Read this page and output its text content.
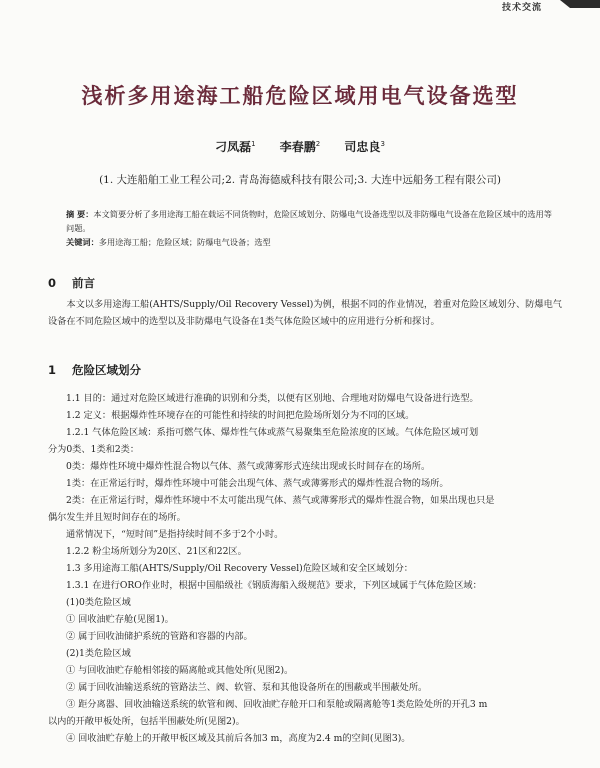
技术交流
浅析多用途海工船危险区域用电气设备选型
刁凤磊$^1$ 李春鹏$^2$ 司忠良$^3$
(1. 大连船舶工业工程公司;2. 青岛海德威科技有限公司;3. 大连中远船务工程有限公司)
摘 要：本文简要分析了多用途海工船在载运不同货物时，危险区域划分、防爆电气设备选型以及非防爆电气设备在危险区域中的选用等问题。
关键词：多用途海工船；危险区域；防爆电气设备；选型
0 前言
本文以多用途海工船(AHTS/Supply/Oil Recovery Vessel)为例，根据不同的作业情况，着重对危险区域划分、防爆电气设备在不同危险区域中的选型以及非防爆电气设备在1类气体危险区域中的应用进行分析和探讨。
1 危险区域划分
1.1 目的：通过对危险区域进行准确的识别和分类，以便有区别地、合理地对防爆电气设备进行选型。
1.2 定义：根据爆炸性环境存在的可能性和持续的时间把危险场所划分为不同的区域。
1.2.1 气体危险区域：系指可燃气体、爆炸性气体或蒸气易聚集至危险浓度的区域。气体危险区域可划
分为0类、1类和2类：
0类：爆炸性环境中爆炸性混合物以气体、蒸气或薄雾形式连续出现或长时间存在的场所。
1类：在正常运行时，爆炸性环境中可能会出现气体、蒸气或薄雾形式的爆炸性混合物的场所。
2类：在正常运行时，爆炸性环境中不太可能出现气体、蒸气或薄雾形式的爆炸性混合物，如果出现也只是
偶尔发生并且短时间存在的场所。
通常情况下，“短时间”是指持续时间不多于2个小时。
1.2.2 粉尘场所划分为20区、21区和22区。
1.3 多用途海工船(AHTS/Supply/Oil Recovery Vessel)危险区域和安全区域划分：
1.3.1 在进行ORO作业时，根据中国船级社《钢质海船入级规范》要求，下列区域属于气体危险区域：
(1)0类危险区域
① 回收油贮存舱(见图1)。
② 属于回收油储护系统的管路和容器的内部。
(2)1类危险区域
① 与回收油贮存舱相邻接的隔离舱或其他处所(见图2)。
② 属于回收油输送系统的管路法兰、阀、软管、泵和其他设备所在的围蔽或半围蔽处所。
③ 距分离器、回收油输送系统的软管和阀、回收油贮存舱开口和泵舱或隔离舱等1类危险处所的开孔3 m
以内的开敞甲板处所，包括半围蔽处所(见图2)。
④ 回收油贮存舱上的开敞甲板区域及其前后各加3 m，高度为2.4 m的空间(见图3)。
